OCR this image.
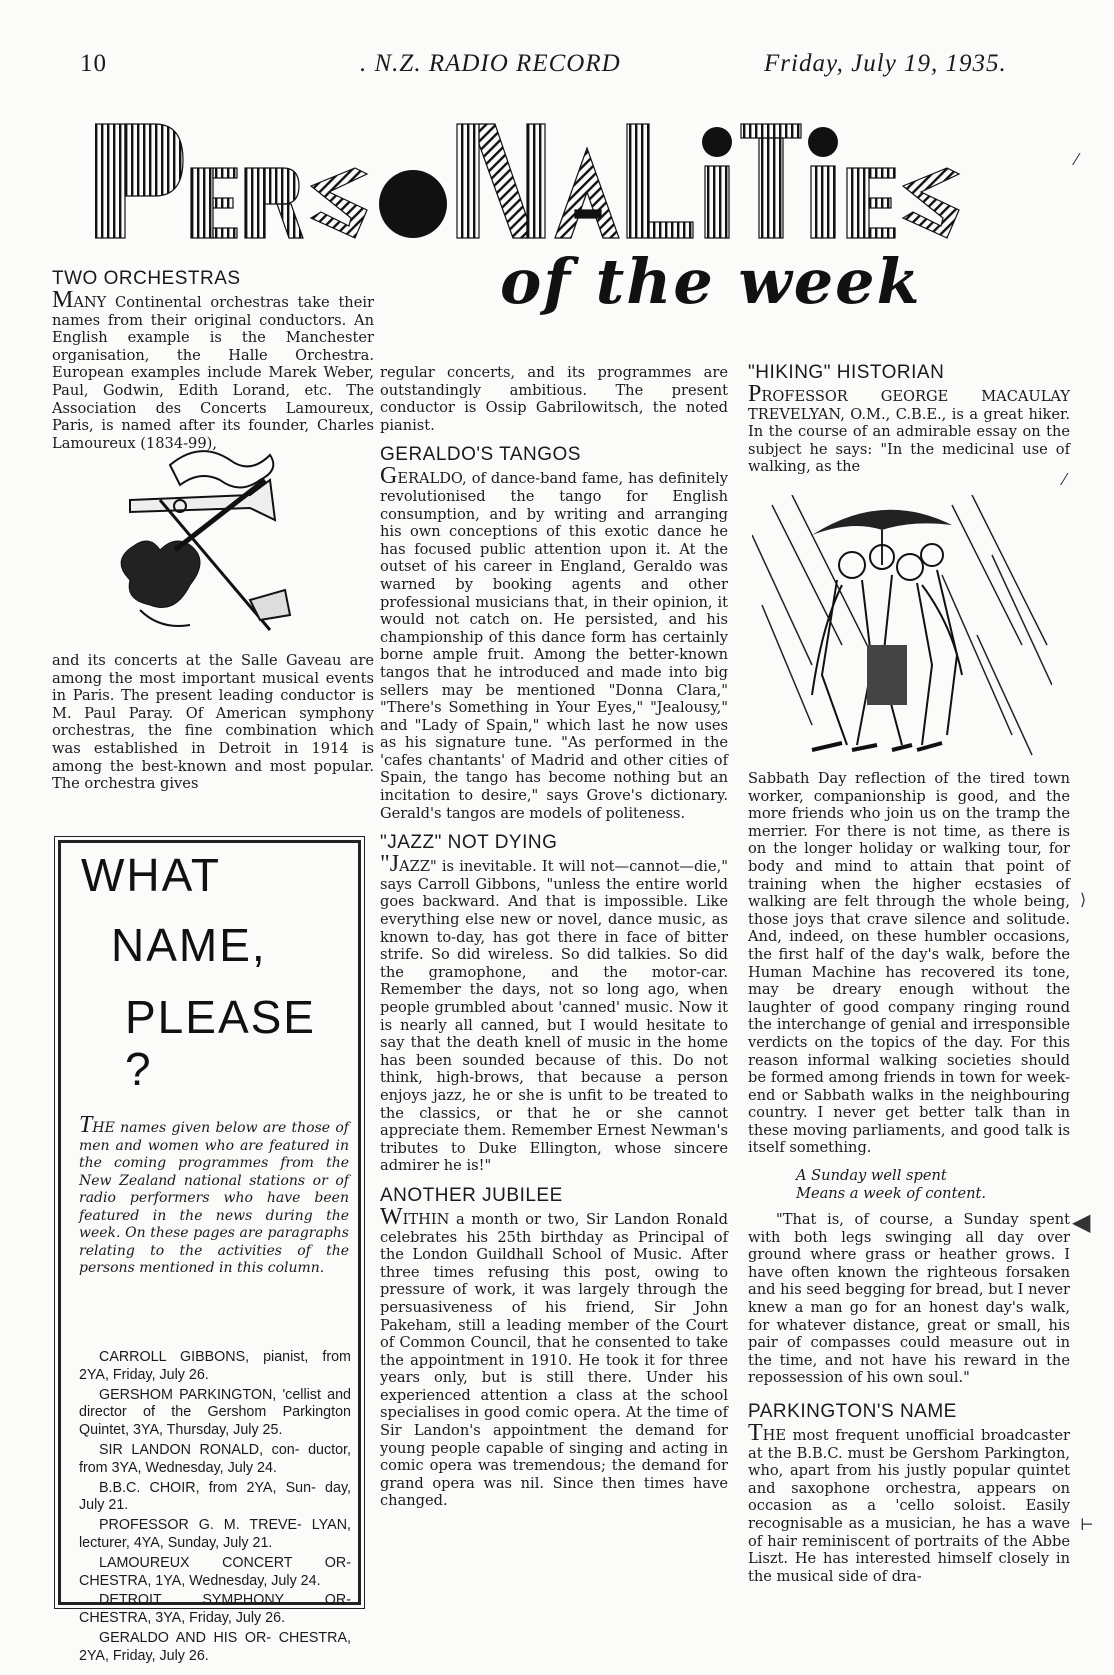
10	. N.Z. RADIO RECORD	Friday, July 19, 1935.
of the week
TWO ORCHESTRAS

MANY Continental orchestras take their names from their original conductors. An English example is the Manchester organisation, the Halle Orchestra. European examples include Marek Weber, Paul, Godwin, Edith Lorand, etc. The Association des Concerts Lamoureux, Paris, is named after its founder, Charles Lamoureux (1834-99),

and its concerts at the Salle Gaveau are among the most important musical events in Paris. The present leading conductor is M. Paul Paray. Of American symphony orchestras, the fine combination which was established in Detroit in 1914 is among the best-known and most popular. The orchestra gives

WHAT
NAME,
PLEASE ?
THE names given below are those of men and women who are featured in the coming programmes from the New Zealand national stations or of radio performers who have been featured in the news during the week. On these pages are paragraphs relating to the activities of the persons mentioned in this column.

CARROLL GIBBONS, pianist, from 2YA, Friday, July 26.

GERSHOM PARKINGTON, 'cellist and director of the Gershom Parkington Quintet, 3YA, Thursday, July 25.

SIR LANDON RONALD, con- ductor, from 3YA, Wednesday, July 24.

B.B.C. CHOIR, from 2YA, Sun- day, July 21.

PROFESSOR G. M. TREVE- LYAN, lecturer, 4YA, Sunday, July 21.

LAMOUREUX CONCERT OR- CHESTRA, 1YA, Wednesday, July 24.

DETROIT SYMPHONY OR- CHESTRA, 3YA, Friday, July 26.

GERALDO AND HIS OR- CHESTRA, 2YA, Friday, July 26.

regular concerts, and its programmes are outstandingly ambitious. The present conductor is Ossip Gabrilowitsch, the noted pianist.

GERALDO'S TANGOS

GERALDO, of dance-band fame, has definitely revolutionised the tango for English consumption, and by writing and arranging his own conceptions of this exotic dance he has focused public attention upon it. At the outset of his career in England, Geraldo was warned by booking agents and other professional musicians that, in their opinion, it would not catch on. He persisted, and his championship of this dance form has certainly borne ample fruit. Among the better-known tangos that he introduced and made into big sellers may be mentioned "Donna Clara," "There's Something in Your Eyes," "Jealousy," and "Lady of Spain," which last he now uses as his signature tune. "As performed in the 'cafes chantants' of Madrid and other cities of Spain, the tango has become nothing but an incitation to desire," says Grove's dictionary. Gerald's tangos are models of politeness.

"JAZZ" NOT DYING

"JAZZ" is inevitable. It will not—cannot—die," says Carroll Gibbons, "unless the entire world goes backward. And that is impossible. Like everything else new or novel, dance music, as known to-day, has got there in face of bitter strife. So did wireless. So did talkies. So did the gramophone, and the motor-car. Remember the days, not so long ago, when people grumbled about 'canned' music. Now it is nearly all canned, but I would hesitate to say that the death knell of music in the home has been sounded because of this. Do not think, high-brows, that because a person enjoys jazz, he or she is unfit to be treated to the classics, or that he or she cannot appreciate them. Remember Ernest Newman's tributes to Duke Ellington, whose sincere admirer he is!"

ANOTHER JUBILEE

WITHIN a month or two, Sir Landon Ronald celebrates his 25th birthday as Principal of the London Guildhall School of Music. After three times refusing this post, owing to pressure of work, it was largely through the persuasiveness of his friend, Sir John Pakeham, still a leading member of the Court of Common Council, that he consented to take the appointment in 1910. He took it for three years only, but is still there. Under his experienced attention a class at the school specialises in good comic opera. At the time of Sir Landon's appointment the demand for young people capable of singing and acting in comic opera was tremendous; the demand for grand opera was nil. Since then times have changed.

"HIKING" HISTORIAN

PROFESSOR GEORGE MACAULAY TREVELYAN, O.M., C.B.E., is a great hiker. In the course of an admirable essay on the subject he says: "In the medicinal use of walking, as the

Sabbath Day reflection of the tired town worker, companionship is good, and the more friends who join us on the tramp the merrier. For there is not time, as there is on the longer holiday or walking tour, for body and mind to attain that point of training when the higher ecstasies of walking are felt through the whole being, those joys that crave silence and solitude. And, indeed, on these humbler occasions, the first half of the day's walk, before the Human Machine has recovered its tone, may be dreary enough without the laughter of good company ringing round the interchange of genial and irresponsible verdicts on the topics of the day. For this reason informal walking societies should be formed among friends in town for week-end or Sabbath walks in the neighbouring country. I never get better talk than in these moving parliaments, and good talk is itself something.

A Sunday well spent
Means a week of content.

"That is, of course, a Sunday spent with both legs swinging all day over ground where grass or heather grows. I have often known the righteous forsaken and his seed begging for bread, but I never knew a man go for an honest day's walk, for whatever distance, great or small, his pair of compasses could measure out in the time, and not have his reward in the repossession of his own soul."

PARKINGTON'S NAME

THE most frequent unofficial broadcaster at the B.B.C. must be Gershom Parkington, who, apart from his justly popular quintet and saxophone orchestra, appears on occasion as a 'cello soloist. Easily recognisable as a musician, he has a wave of hair reminiscent of portraits of the Abbe Liszt. He has interested himself closely in the musical side of dra-

⁄
⁄
⟩
◀
⊢
